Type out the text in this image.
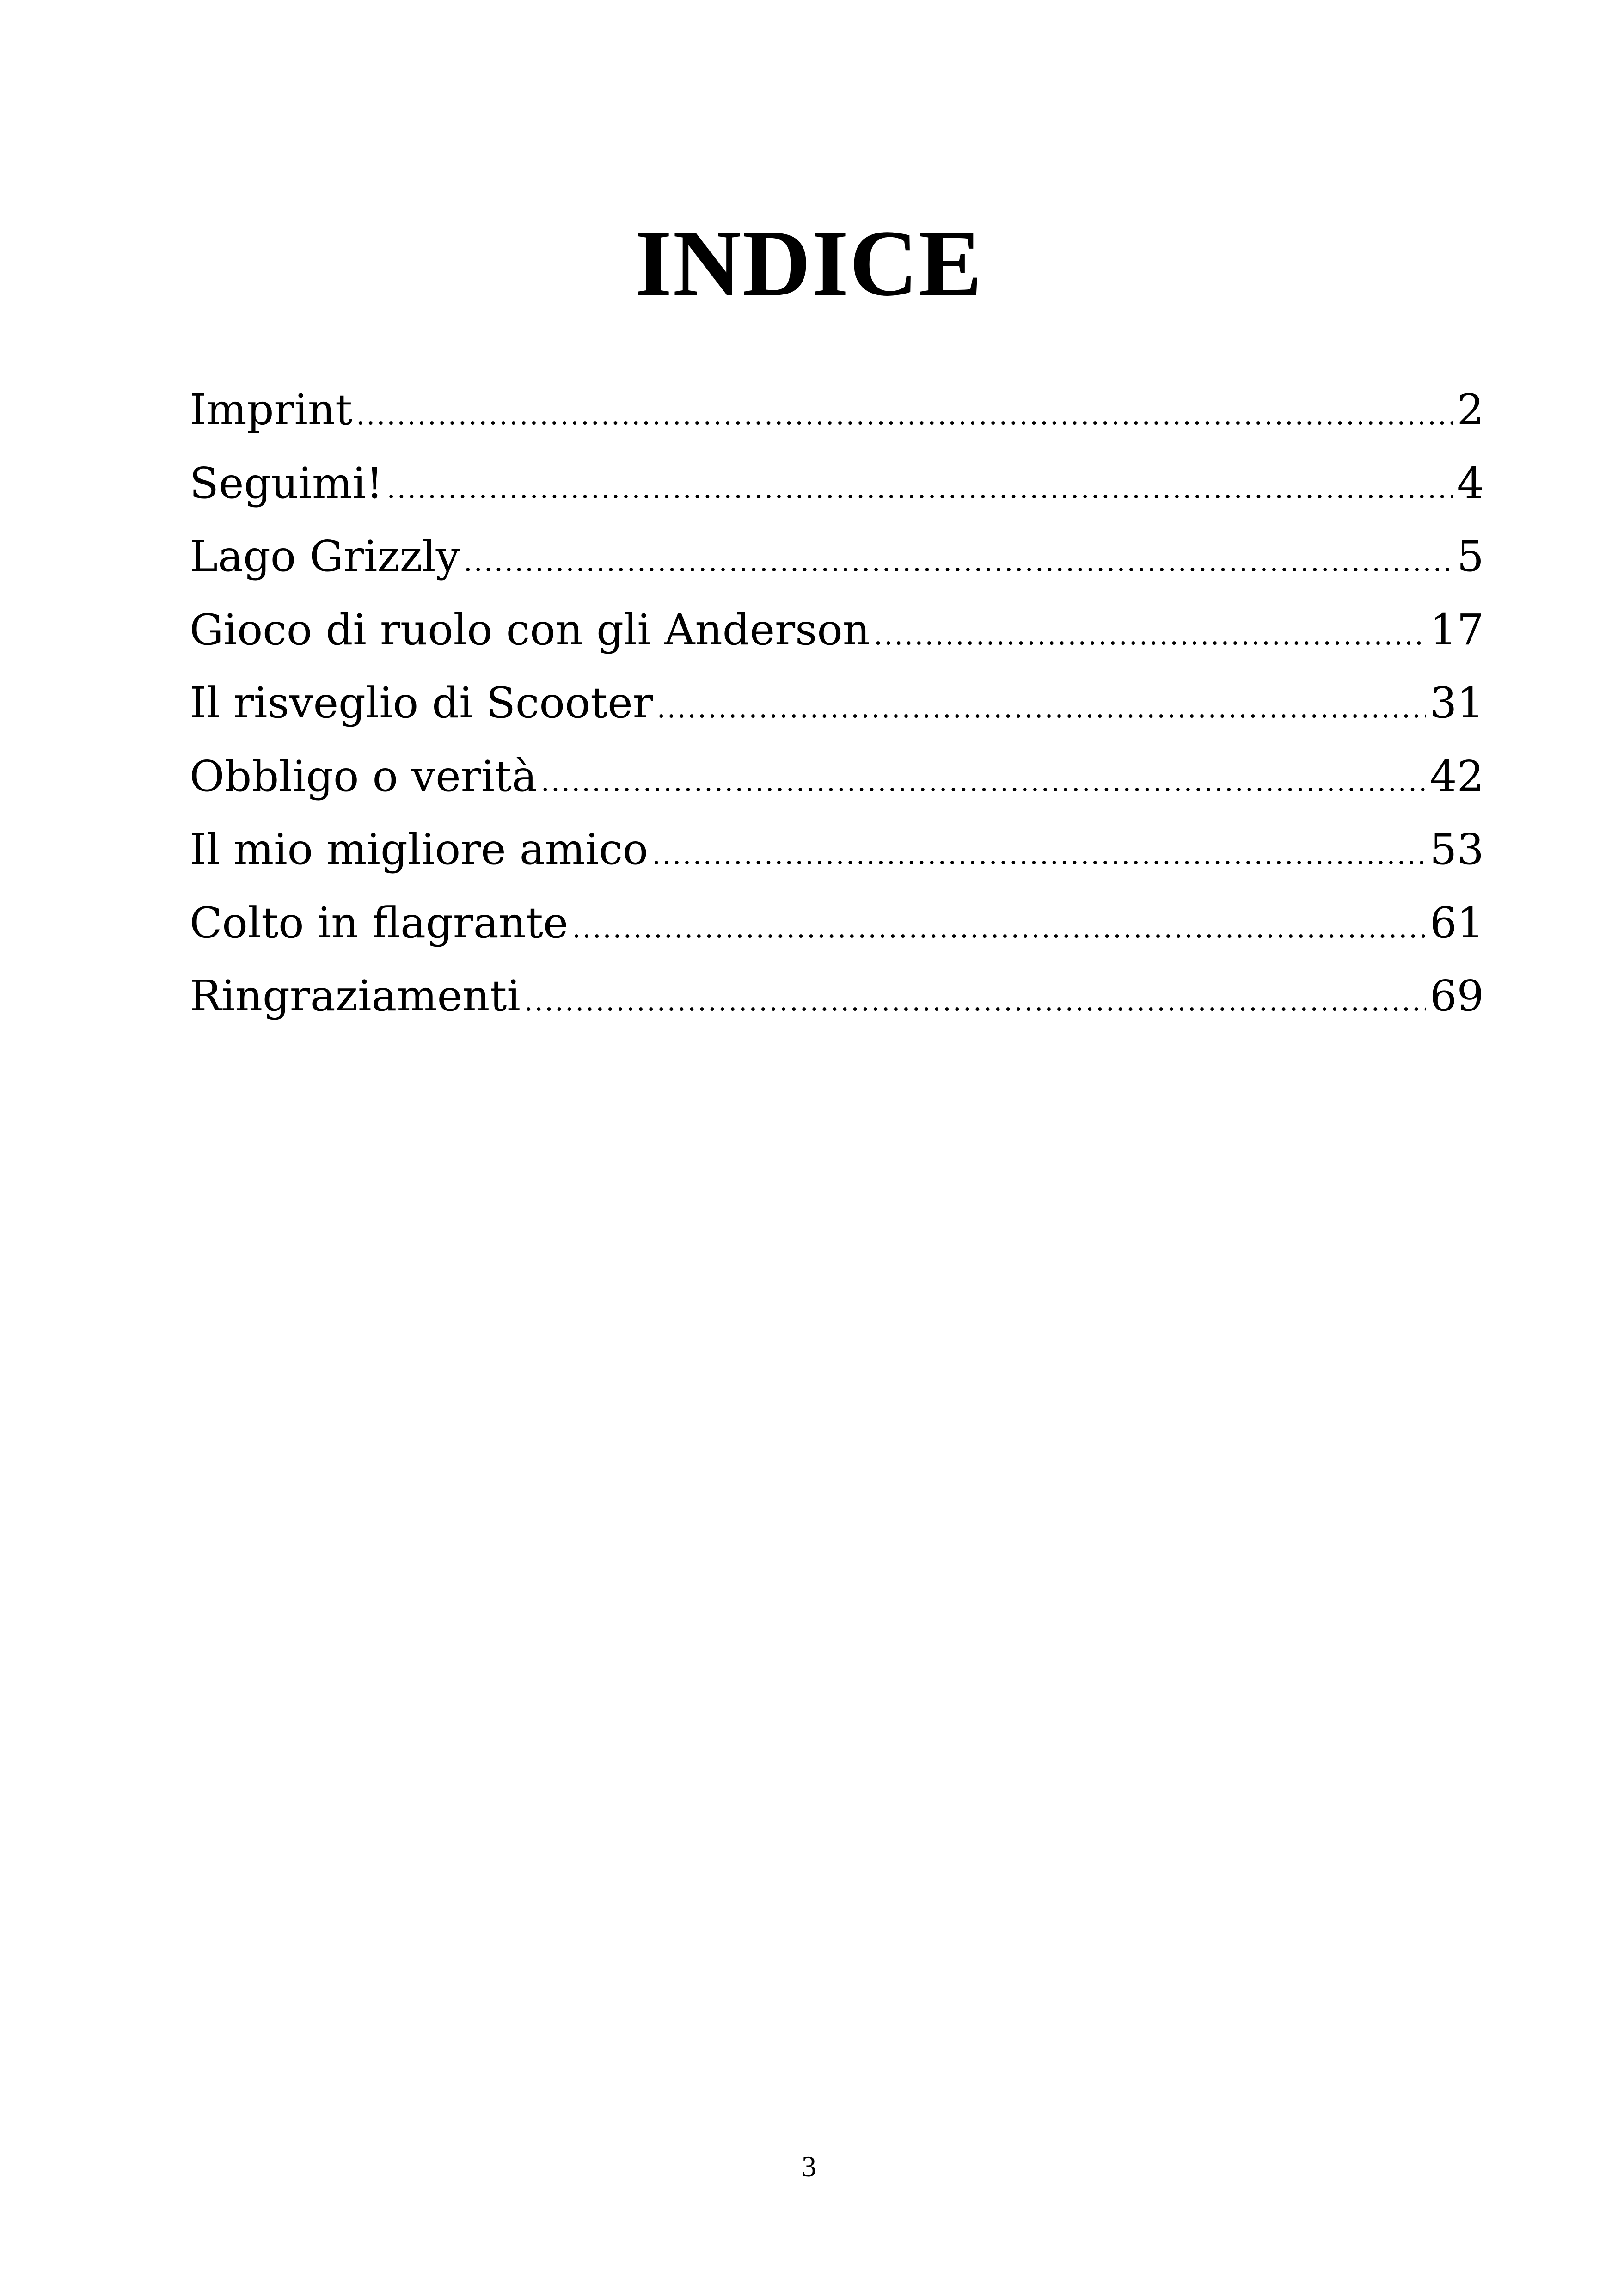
INDICE
Imprint .....	2
Seguimi! .....	4
Lago Grizzly .....	5
Gioco di ruolo con gli Anderson .....	17
Il risveglio di Scooter .....	31
Obbligo o verità .....	42
Il mio migliore amico .....	53
Colto in flagrante .....	61
Ringraziamenti .....	69
3
